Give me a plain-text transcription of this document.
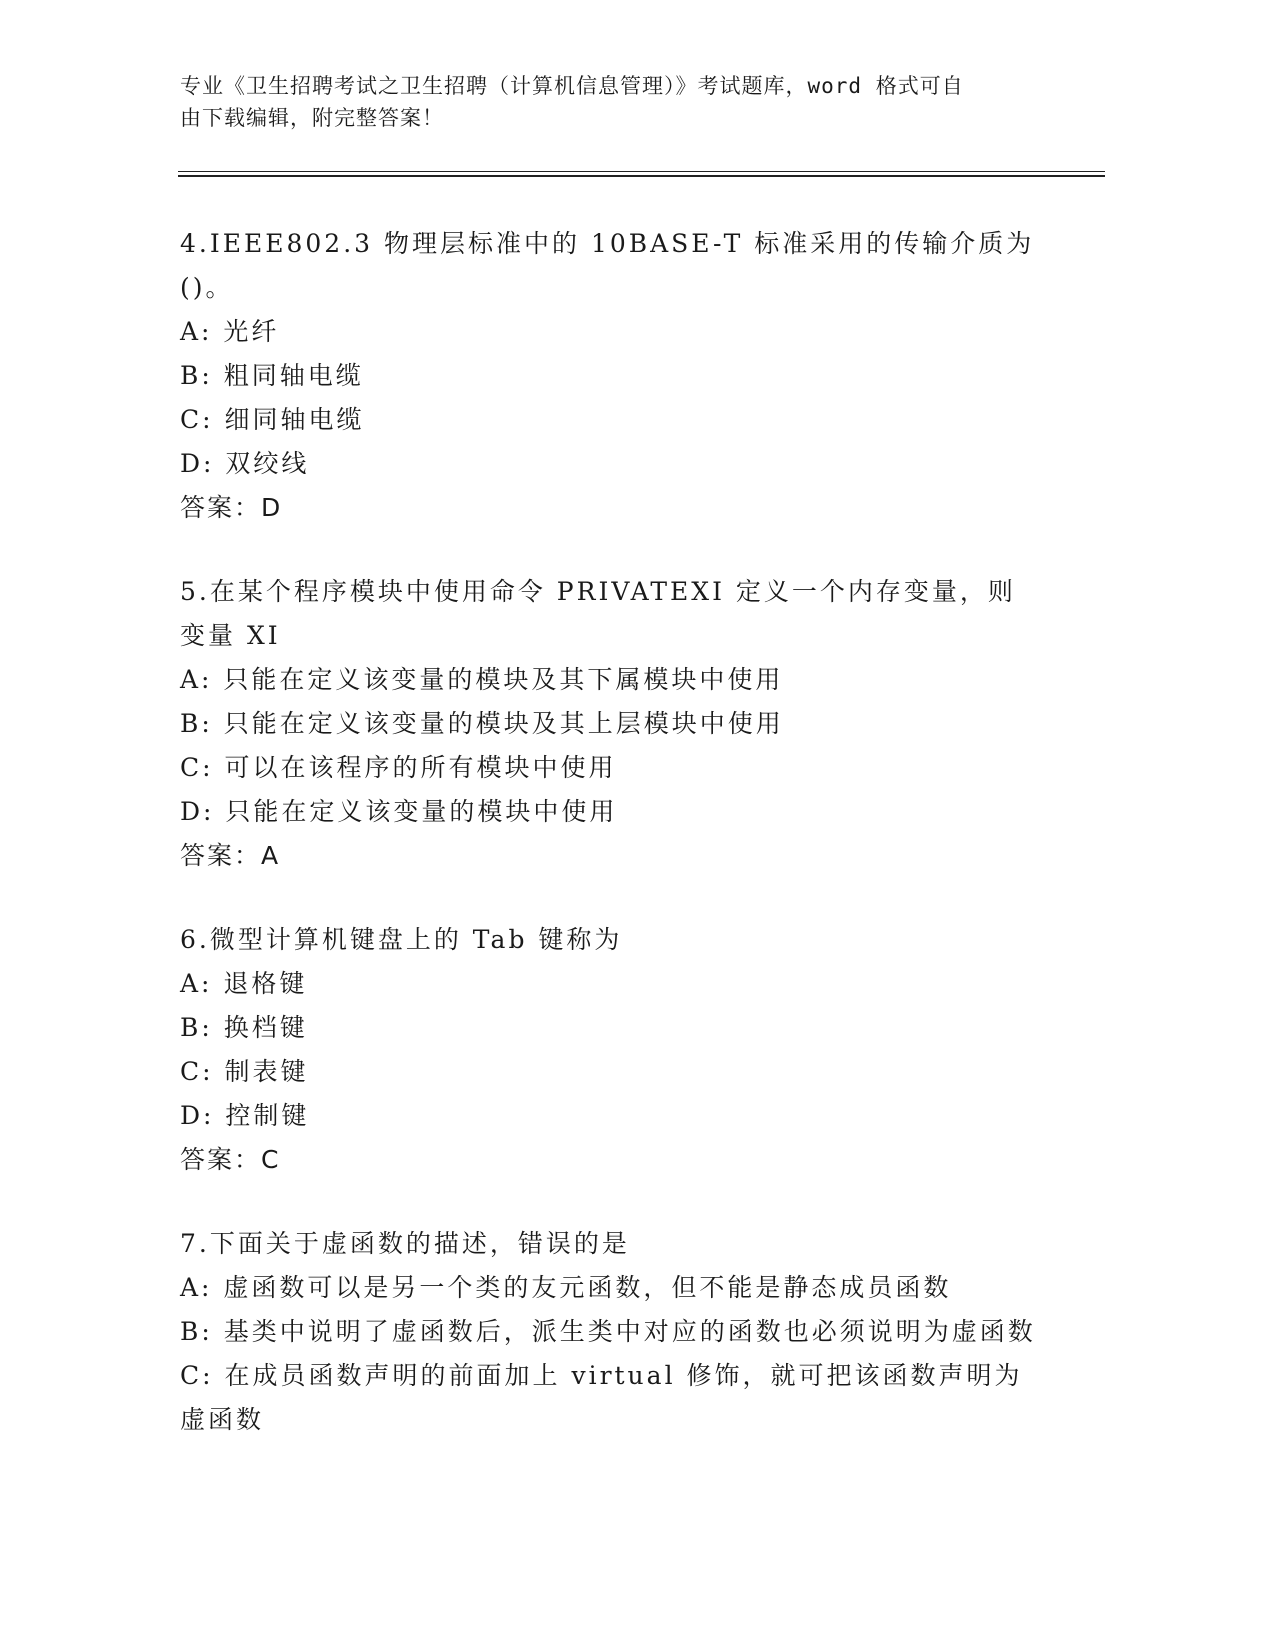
专业《卫生招聘考试之卫生招聘（计算机信息管理）》考试题库，word 格式可自
由下载编辑，附完整答案！
4.IEEE802.3 物理层标准中的 10BASE-T 标准采用的传输介质为()。
A: 光纤
B: 粗同轴电缆
C: 细同轴电缆
D: 双绞线
答案：D
5.在某个程序模块中使用命令 PRIVATEXI 定义一个内存变量，则变量 XI
A: 只能在定义该变量的模块及其下属模块中使用
B: 只能在定义该变量的模块及其上层模块中使用
C: 可以在该程序的所有模块中使用
D: 只能在定义该变量的模块中使用
答案：A
6.微型计算机键盘上的 Tab 键称为
A: 退格键
B: 换档键
C: 制表键
D: 控制键
答案：C
7.下面关于虚函数的描述，错误的是
A: 虚函数可以是另一个类的友元函数，但不能是静态成员函数
B: 基类中说明了虚函数后，派生类中对应的函数也必须说明为虚函数
C: 在成员函数声明的前面加上 virtual 修饰，就可把该函数声明为虚函数
